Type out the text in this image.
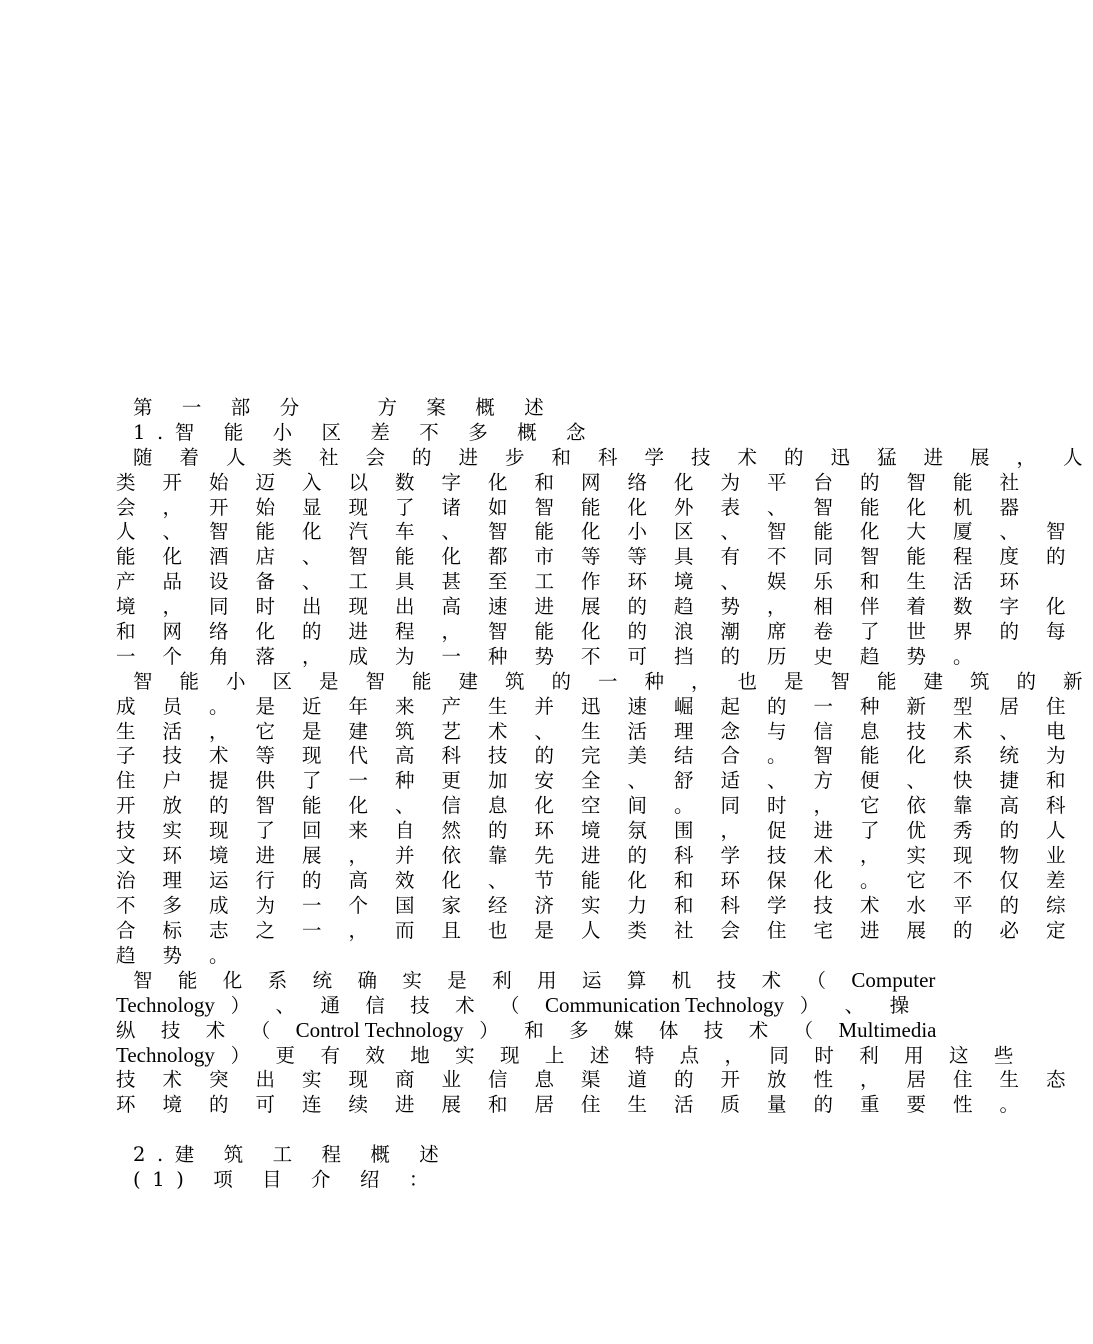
第 一 部 分 　 方 案 概 述
1.智 能 小 区 差 不 多 概 念
随 着 人 类 社 会 的 进 步 和 科 学 技 术 的 迅 猛 进 展 ， 人
类 开 始 迈 入 以 数 字 化 和 网 络 化 为 平 台 的 智 能 社
会 ， 开 始 显 现 了 诸 如 智 能 化 外 表 、 智 能 化 机 器
人 、 智 能 化 汽 车 、 智 能 化 小 区 、 智 能 化 大 厦 、 智
能 化 酒 店 、 智 能 化 都 市 等 等 具 有 不 同 智 能 程 度 的
产 品 设 备 、 工 具 甚 至 工 作 环 境 、 娱 乐 和 生 活 环
境 ， 同 时 出 现 出 高 速 进 展 的 趋 势 ， 相 伴 着 数 字 化
和 网 络 化 的 进 程 ， 智 能 化 的 浪 潮 席 卷 了 世 界 的 每
一 个 角 落 ， 成 为 一 种 势 不 可 挡 的 历 史 趋 势 。
智 能 小 区 是 智 能 建 筑 的 一 种 ， 也 是 智 能 建 筑 的 新
成 员 。 是 近 年 来 产 生 并 迅 速 崛 起 的 一 种 新 型 居 住
生 活 ， 它 是 建 筑 艺 术 、 生 活 理 念 与 信 息 技 术 、 电
子 技 术 等 现 代 高 科 技 的 完 美 结 合 。 智 能 化 系 统 为
住 户 提 供 了 一 种 更 加 安 全 、 舒 适 、 方 便 、 快 捷 和
开 放 的 智 能 化 、 信 息 化 空 间 。 同 时 ， 它 依 靠 高 科
技 实 现 了 回 来 自 然 的 环 境 氛 围 ， 促 进 了 优 秀 的 人
文 环 境 进 展 ， 并 依 靠 先 进 的 科 学 技 术 ， 实 现 物 业
治 理 运 行 的 高 效 化 、 节 能 化 和 环 保 化 。 它 不 仅 差
不 多 成 为 一 个 国 家 经 济 实 力 和 科 学 技 术 水 平 的 综
合 标 志 之 一 ， 而 且 也 是 人 类 社 会 住 宅 进 展 的 必 定
趋 势 。
智 能 化 系 统 确 实 是 利 用 运 算 机 技 术 （ Computer
Technology ） 、 通 信 技 术 （ Communication Technology ） 、 操
纵 技 术 （ Control Technology ） 和 多 媒 体 技 术 （ Multimedia
Technology ） 更 有 效 地 实 现 上 述 特 点 ， 同 时 利 用 这 些
技 术 突 出 实 现 商 业 信 息 渠 道 的 开 放 性 ， 居 住 生 态
环 境 的 可 连 续 进 展 和 居 住 生 活 质 量 的 重 要 性 。
2.建 筑 工 程 概 述
(1) 项 目 介 绍 ：
